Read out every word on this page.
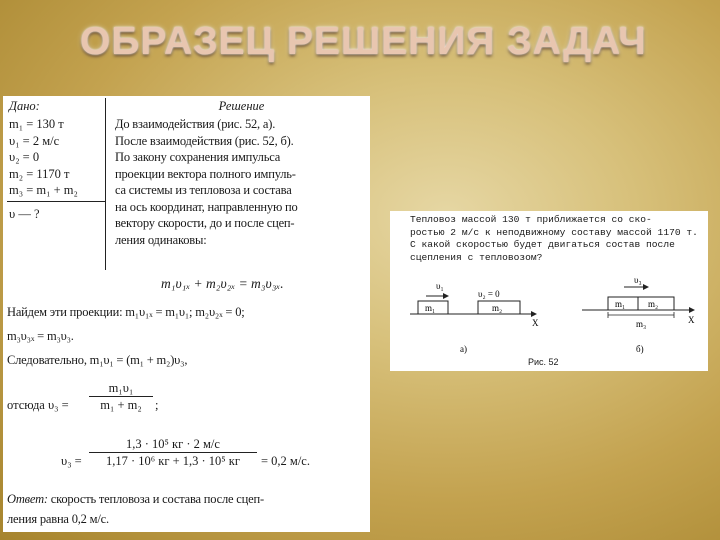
ОБРАЗЕЦ РЕШЕНИЯ ЗАДАЧ
Дано:
m₁ = 130 т
υ₁ = 2 м/с
υ₂ = 0
m₂ = 1170 т
m₃ = m₁ + m₂
υ — ?
Решение
До взаимодействия (рис. 52, а).
После взаимодействия (рис. 52, б).
По закону сохранения импульса
проекции вектора полного импуль-
са системы из тепловоза и состава
на ось координат, направленную по
вектору скорости, до и после сцеп-
ления одинаковы:
m₁υ₁ₓ + m₂υ₂ₓ = m₃υ₃ₓ.
Найдем эти проекции: m₁υ₁ₓ = m₁υ₁; m₂υ₂ₓ = 0;
m₃υ₃ₓ = m₃υ₃.
Следовательно, m₁υ₁ = (m₁ + m₂)υ₃,
отсюда $\upsilon_3 = \frac{\text{m₁υ₁}}{\text{m₁ + m₂}}$ ;
υ₃ =
1,3 · 10⁵ кг · 2 м/с
1,17 · 10⁶ кг + 1,3 · 10⁵ кг	= 0,2 м/с.
Ответ: скорость тепловоза и состава после сцеп-
ления равна 0,2 м/с.
Тепловоз массой 130 т приближается со ско-
ростью 2 м/с к неподвижному составу массой 1170 т.
С какой скоростью будет двигаться состав после
сцепления с тепловозом?
υ₁
υ₂ = 0
m₁	m₂
X
а)
υ₃
m₁	m₂
X
m₃
б)
Рис. 52
